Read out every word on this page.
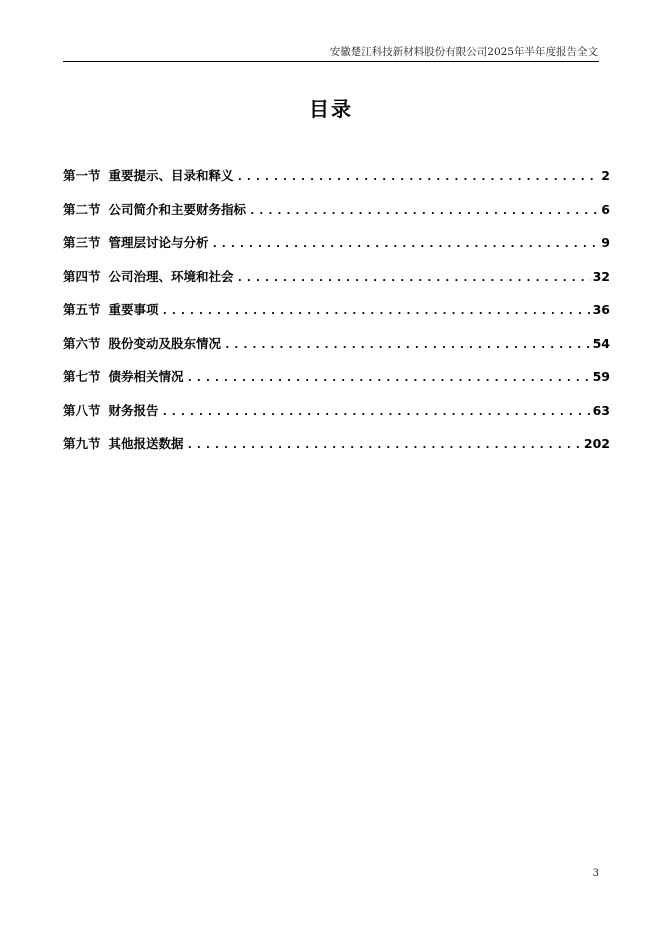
安徽楚江科技新材料股份有限公司2025年半年度报告全文
目录
第一节 重要提示、目录和释义 .....	2
第二节 公司简介和主要财务指标 .....	6
第三节 管理层讨论与分析 .....	9
第四节 公司治理、环境和社会 .....	32
第五节 重要事项 .....	36
第六节 股份变动及股东情况 .....	54
第七节 债券相关情况 .....	59
第八节 财务报告 .....	63
第九节 其他报送数据 .....	202
3
